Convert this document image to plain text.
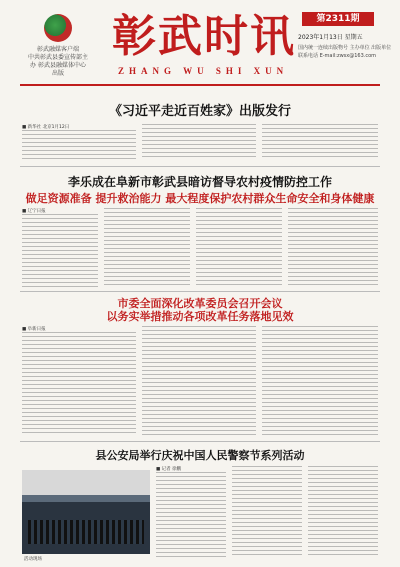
彰武融媒客户端
中共彰武县委宣传部主办 彰武县融媒体中心出版
彰武时讯
ZHANG WU SHI XUN
第2311期
2023年1月13日 星期五
国内统一连续出版物号 主办单位 出版单位 联系电话 E-mail:zwsx@163.com
《习近平走近百姓家》出版发行
■ 新华社 北京1月12日
李乐成在阜新市彰武县暗访督导农村疫情防控工作
做足资源准备 提升救治能力 最大程度保护农村群众生命安全和身体健康
■ 辽宁日报
市委全面深化改革委员会召开会议
以务实举措推动各项改革任务落地见效
■ 阜新日报
县公安局举行庆祝中国人民警察节系列活动
活动现场
■ 记者 徐鹏
